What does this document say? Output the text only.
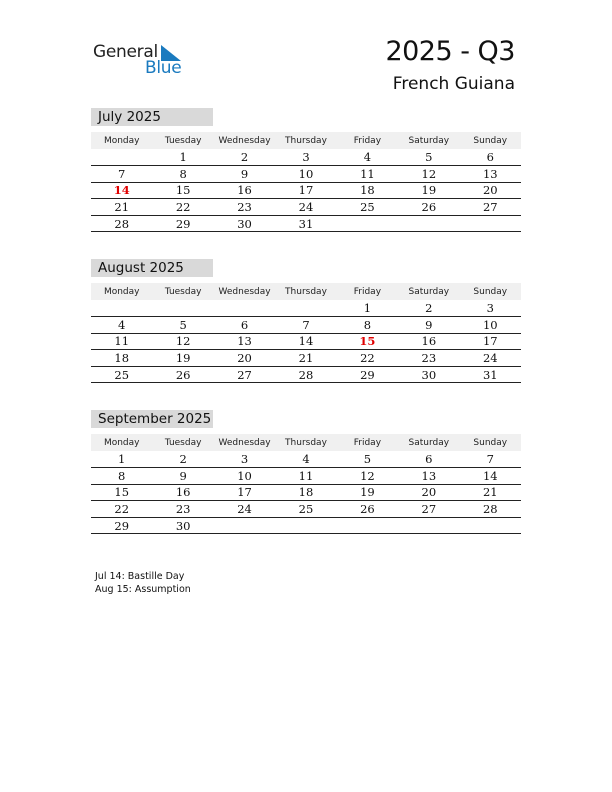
General
Blue
2025 - Q3
French Guiana
July 2025
Monday	Tuesday	Wednesday	Thursday	Friday	Saturday	Sunday
	1	2	3	4	5	6
7	8	9	10	11	12	13
14	15	16	17	18	19	20
21	22	23	24	25	26	27
28	29	30	31			
August 2025
Monday	Tuesday	Wednesday	Thursday	Friday	Saturday	Sunday
				1	2	3
4	5	6	7	8	9	10
11	12	13	14	15	16	17
18	19	20	21	22	23	24
25	26	27	28	29	30	31
September 2025
Monday	Tuesday	Wednesday	Thursday	Friday	Saturday	Sunday
1	2	3	4	5	6	7
8	9	10	11	12	13	14
15	16	17	18	19	20	21
22	23	24	25	26	27	28
29	30					
Jul 14: Bastille Day
Aug 15: Assumption
